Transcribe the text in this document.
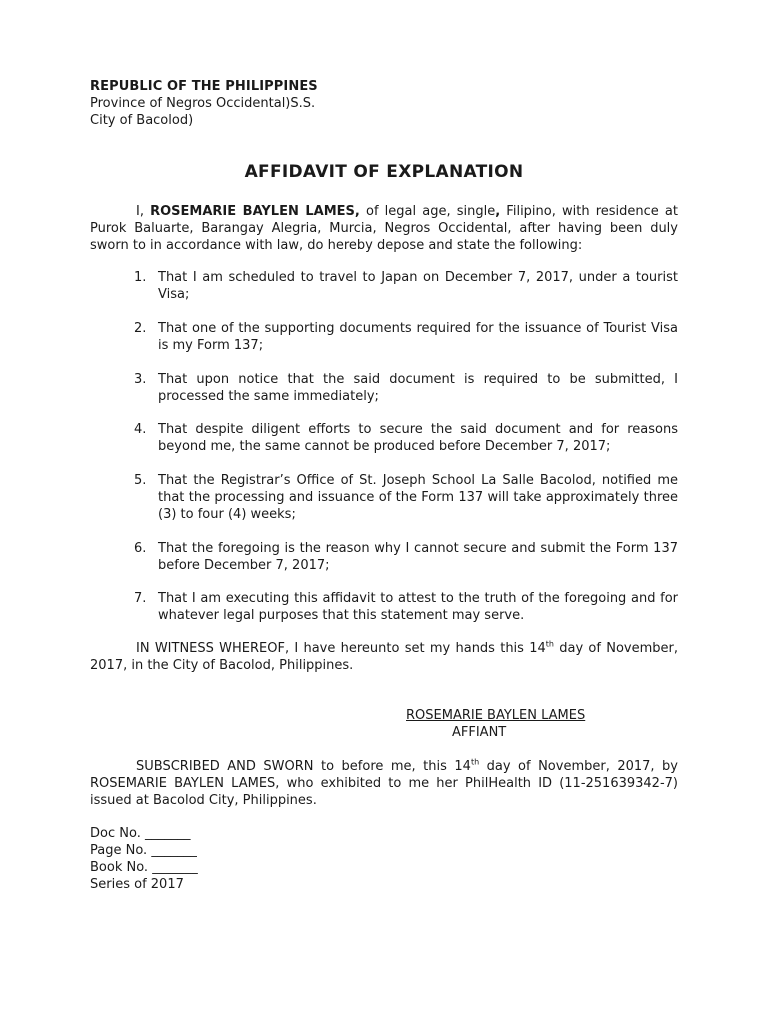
REPUBLIC OF THE PHILIPPINES
Province of Negros Occidental)S.S.
City of Bacolod)
AFFIDAVIT OF EXPLANATION
I, ROSEMARIE BAYLEN LAMES, of legal age, single, Filipino, with residence at Purok Baluarte, Barangay Alegria, Murcia, Negros Occidental, after having been duly sworn to in accordance with law, do hereby depose and state the following:
1. That I am scheduled to travel to Japan on December 7, 2017, under a tourist Visa;
2. That one of the supporting documents required for the issuance of Tourist Visa is my Form 137;
3. That upon notice that the said document is required to be submitted, I processed the same immediately;
4. That despite diligent efforts to secure the said document and for reasons beyond me, the same cannot be produced before December 7, 2017;
5. That the Registrar’s Office of St. Joseph School La Salle Bacolod, notified me that the processing and issuance of the Form 137 will take approximately three (3) to four (4) weeks;
6. That the foregoing is the reason why I cannot secure and submit the Form 137 before December 7, 2017;
7. That I am executing this affidavit to attest to the truth of the foregoing and for whatever legal purposes that this statement may serve.
IN WITNESS WHEREOF, I have hereunto set my hands this 14th day of November, 2017, in the City of Bacolod, Philippines.
ROSEMARIE BAYLEN LAMES
AFFIANT
SUBSCRIBED AND SWORN to before me, this 14th day of November, 2017, by ROSEMARIE BAYLEN LAMES, who exhibited to me her PhilHealth ID (11-251639342-7) issued at Bacolod City, Philippines.
Doc No. _______
Page No. _______
Book No. _______
Series of 2017
